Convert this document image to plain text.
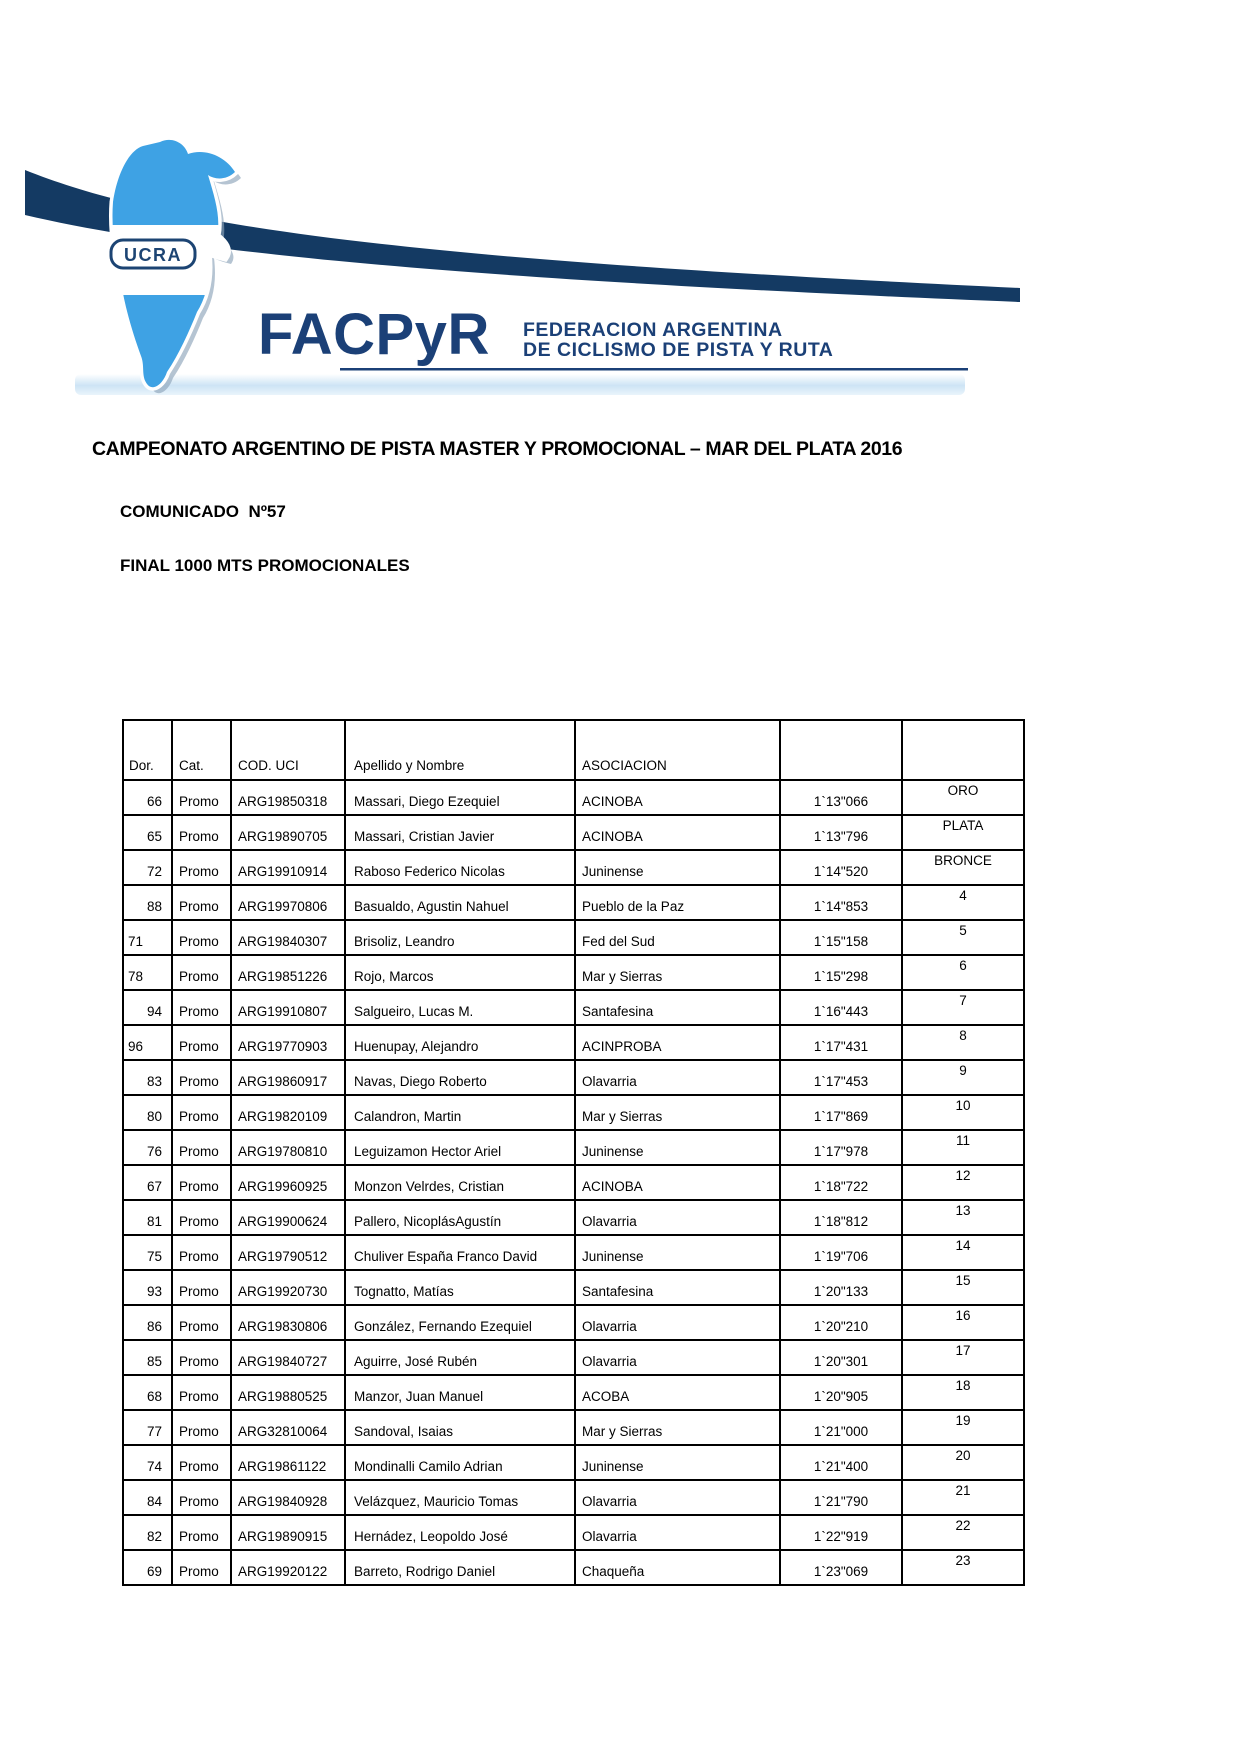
UCRA
FACPyR FEDERACION ARGENTINA
DE CICLISMO DE PISTA Y RUTA
CAMPEONATO ARGENTINO DE PISTA MASTER Y PROMOCIONAL – MAR DEL PLATA 2016
COMUNICADO  Nº57
FINAL 1000 MTS PROMOCIONALES
Dor.	Cat.	COD. UCI	Apellido y Nombre	ASOCIACION		
66	Promo	ARG19850318	Massari, Diego Ezequiel	ACINOBA	1`13"066	ORO
65	Promo	ARG19890705	Massari, Cristian Javier	ACINOBA	1`13"796	PLATA
72	Promo	ARG19910914	Raboso Federico Nicolas	Juninense	1`14"520	BRONCE
88	Promo	ARG19970806	Basualdo, Agustin Nahuel	Pueblo de la Paz	1`14"853	4
71	Promo	ARG19840307	Brisoliz, Leandro	Fed del Sud	1`15"158	5
78	Promo	ARG19851226	Rojo, Marcos	Mar y Sierras	1`15"298	6
94	Promo	ARG19910807	Salgueiro, Lucas M.	Santafesina	1`16"443	7
96	Promo	ARG19770903	Huenupay, Alejandro	ACINPROBA	1`17"431	8
83	Promo	ARG19860917	Navas, Diego Roberto	Olavarria	1`17"453	9
80	Promo	ARG19820109	Calandron, Martin	Mar y Sierras	1`17"869	10
76	Promo	ARG19780810	Leguizamon Hector Ariel	Juninense	1`17"978	11
67	Promo	ARG19960925	Monzon Velrdes, Cristian	ACINOBA	1`18"722	12
81	Promo	ARG19900624	Pallero, NicoplásAgustín	Olavarria	1`18"812	13
75	Promo	ARG19790512	Chuliver España Franco David	Juninense	1`19"706	14
93	Promo	ARG19920730	Tognatto, Matías	Santafesina	1`20"133	15
86	Promo	ARG19830806	González, Fernando Ezequiel	Olavarria	1`20"210	16
85	Promo	ARG19840727	Aguirre, José Rubén	Olavarria	1`20"301	17
68	Promo	ARG19880525	Manzor, Juan Manuel	ACOBA	1`20"905	18
77	Promo	ARG32810064	Sandoval, Isaias	Mar y Sierras	1`21"000	19
74	Promo	ARG19861122	Mondinalli Camilo Adrian	Juninense	1`21"400	20
84	Promo	ARG19840928	Velázquez, Mauricio Tomas	Olavarria	1`21"790	21
82	Promo	ARG19890915	Hernádez, Leopoldo José	Olavarria	1`22"919	22
69	Promo	ARG19920122	Barreto, Rodrigo Daniel	Chaqueña	1`23"069	23
